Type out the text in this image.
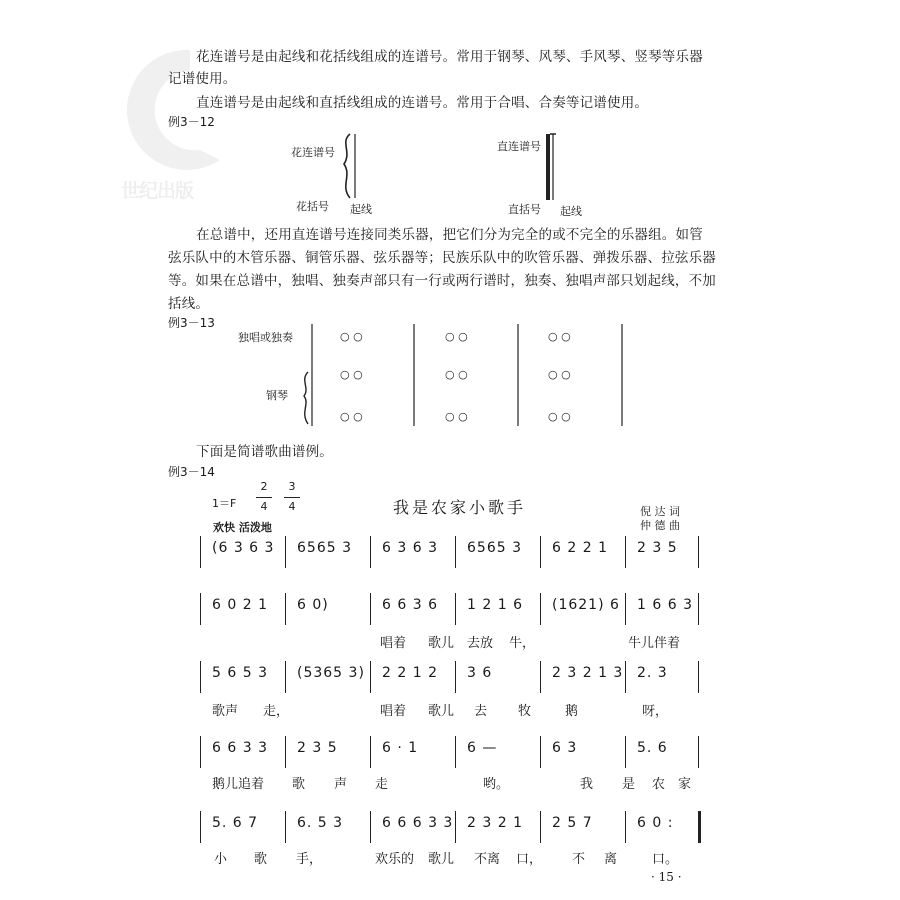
世纪出版
花连谱号是由起线和花括线组成的连谱号。常用于钢琴、风琴、手风琴、竖琴等乐器
记谱使用。
直连谱号是由起线和直括线组成的连谱号。常用于合唱、合奏等记谱使用。
例3－12
花连谱号
花括号 起线
直连谱号
直括号 起线
在总谱中，还用直连谱号连接同类乐器，把它们分为完全的或不完全的乐器组。如管
弦乐队中的木管乐器、铜管乐器、弦乐器等；民族乐队中的吹管乐器、弹拨乐器、拉弦乐器
等。如果在总谱中，独唱、独奏声部只有一行或两行谱时，独奏、独唱声部只划起线，不加
括线。
例3－13
独唱或独奏
钢琴
○ ○	○ ○	○ ○
○ ○	○ ○	○ ○
○ ○	○ ○	○ ○
下面是简谱歌曲谱例。
例3－14
1＝F
2
4
3
4
欢快 活泼地
我是农家小歌手	倪 达 词
仲 德 曲
(6 3 6 3 6565 3 6 3 6 3 6565 3 6 2 2 1 2 3 5
6 0 2 1 6 0)	6 6 3 6 1 2 1 6 (1621) 6 1 6 6 3
唱着 歌儿 去放 牛，	牛儿伴着
5 6 5 3 (5365 3) 2 2 1 2 3 6	2 3 2 1 3 2. 3
歌声 走，	唱着 歌儿 去 牧	鹅	呀，
6 6 3 3 2 3 5	6 · 1	6 —	6 3	5. 6
鹅儿追着 歌 声 走	哟。	我 是 农 家
5. 6 7	6. 5 3	6 6 6 3 3 2 3 2 1 2 5 7	6 0 :
小 歌 手，	欢乐的 歌儿 不离 口， 不 离	口。
· 15 ·
